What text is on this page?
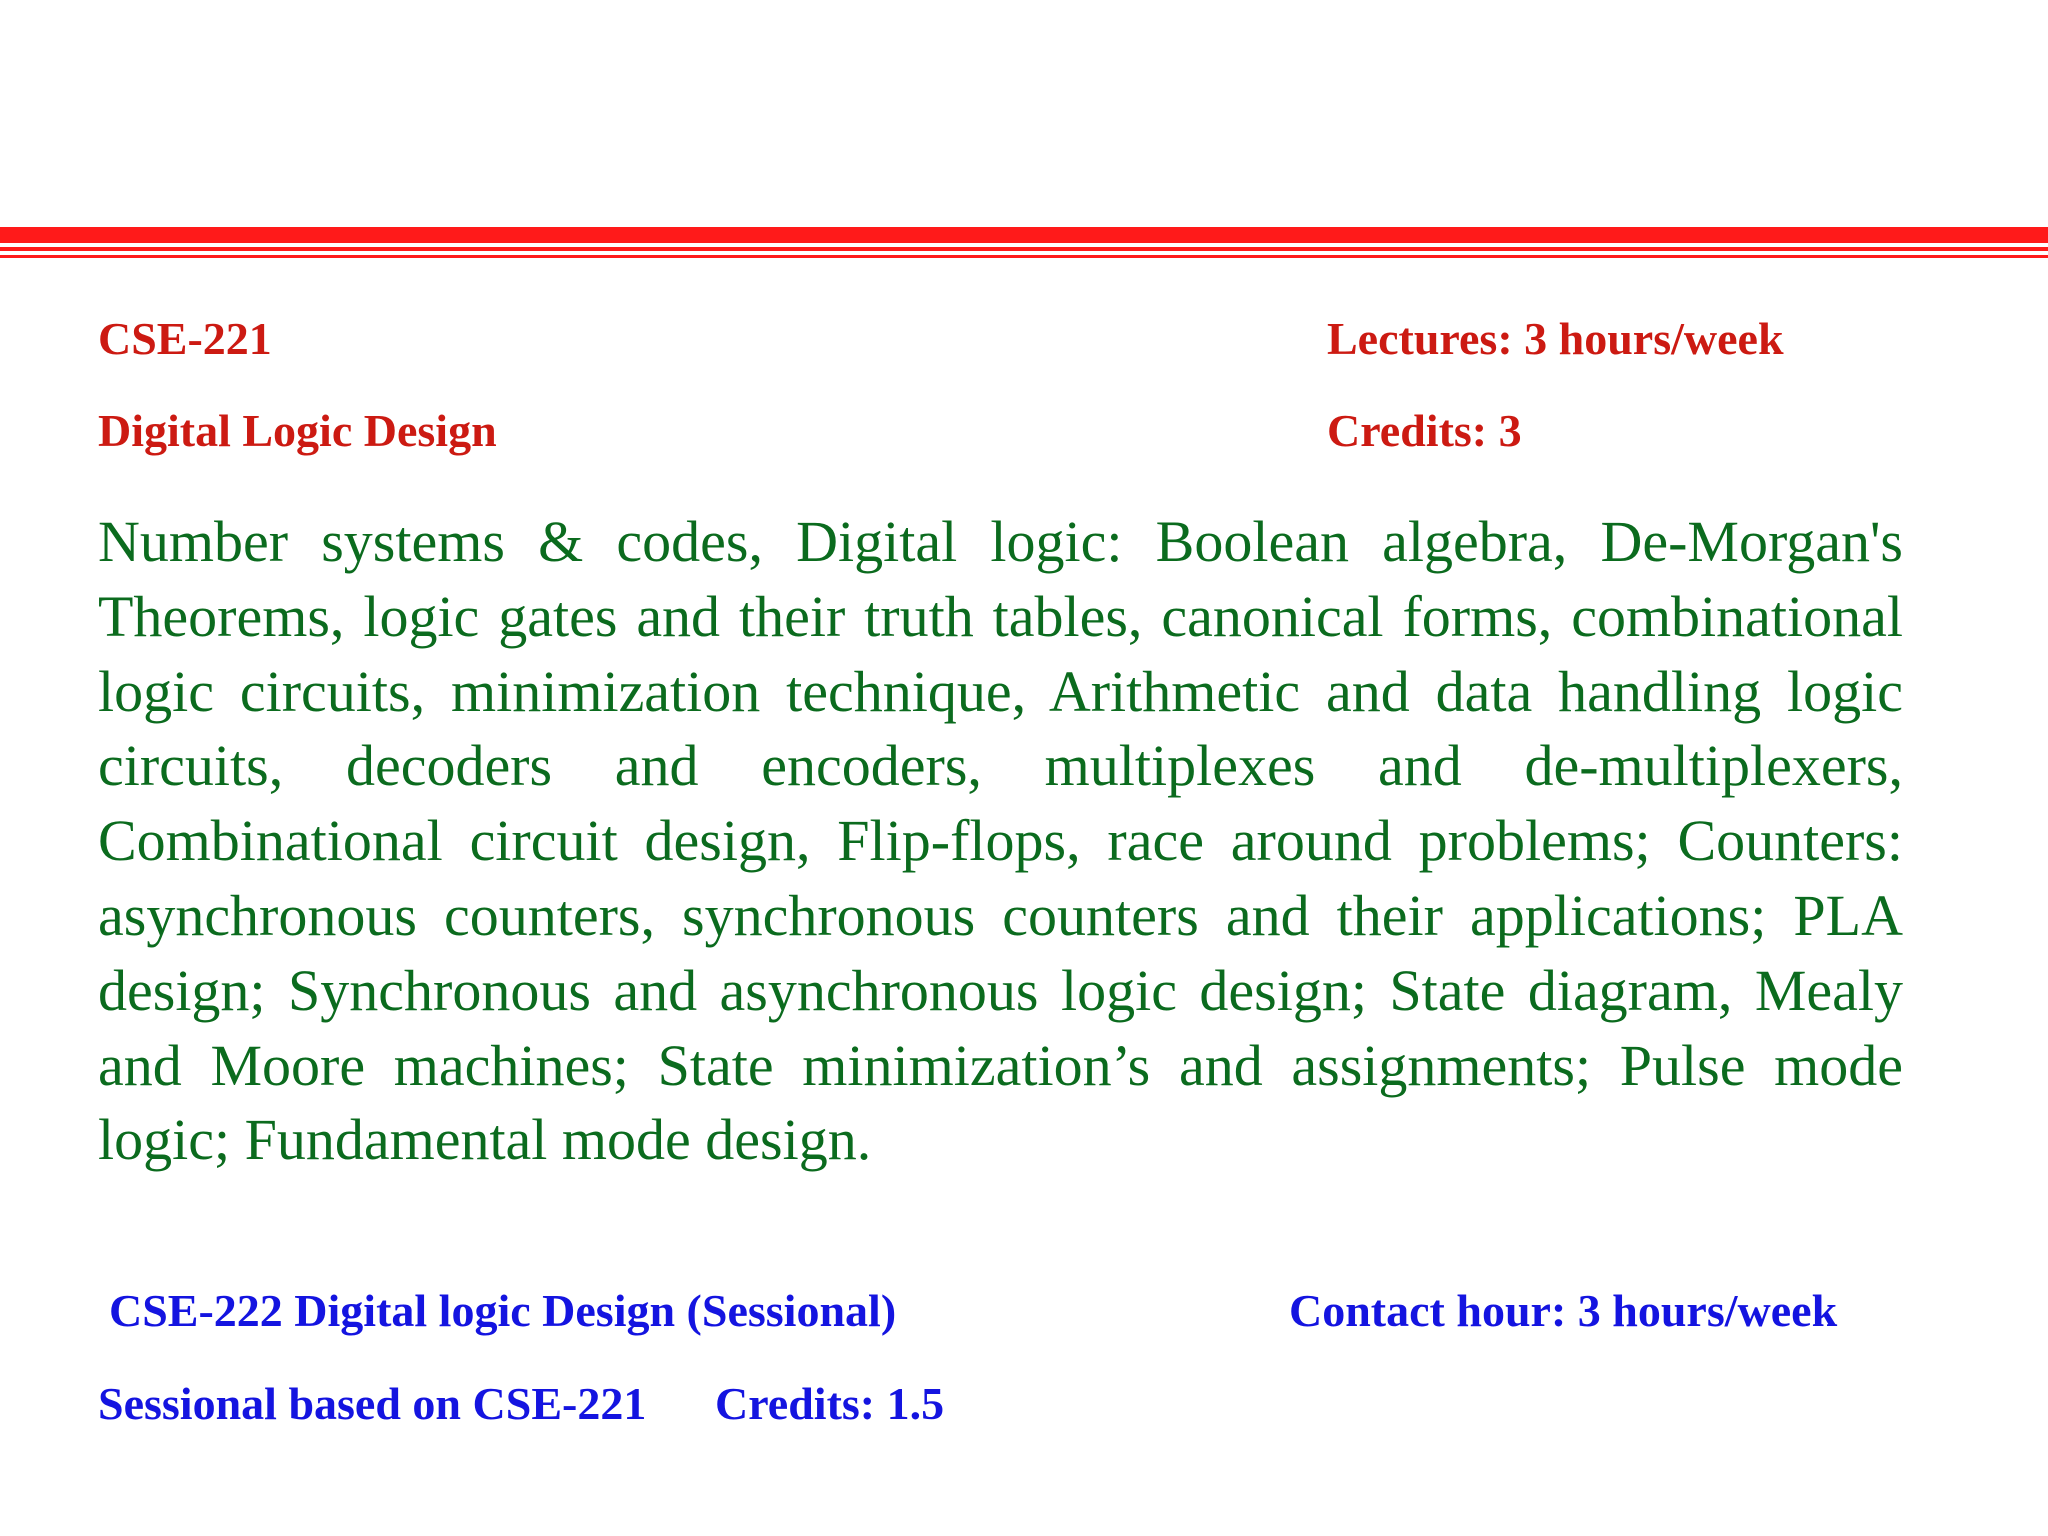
CSE-221	Lectures: 3 hours/week
Digital Logic Design	Credits: 3

Number systems & codes, Digital logic: Boolean algebra, De-Morgan's Theorems, logic gates and their truth tables, canonical forms, combinational logic circuits, minimization technique, Arithmetic and data handling logic circuits, decoders and encoders, multiplexes and de-multiplexers, Combinational circuit design, Flip-flops, race around problems; Counters: asynchronous counters, synchronous counters and their applications; PLA design; Synchronous and asynchronous logic design; State diagram, Mealy and Moore machines; State minimization’s and assignments; Pulse mode logic; Fundamental mode design.

CSE-222 Digital logic Design (Sessional)	Contact hour: 3 hours/week
Sessional based on CSE-221 Credits: 1.5
